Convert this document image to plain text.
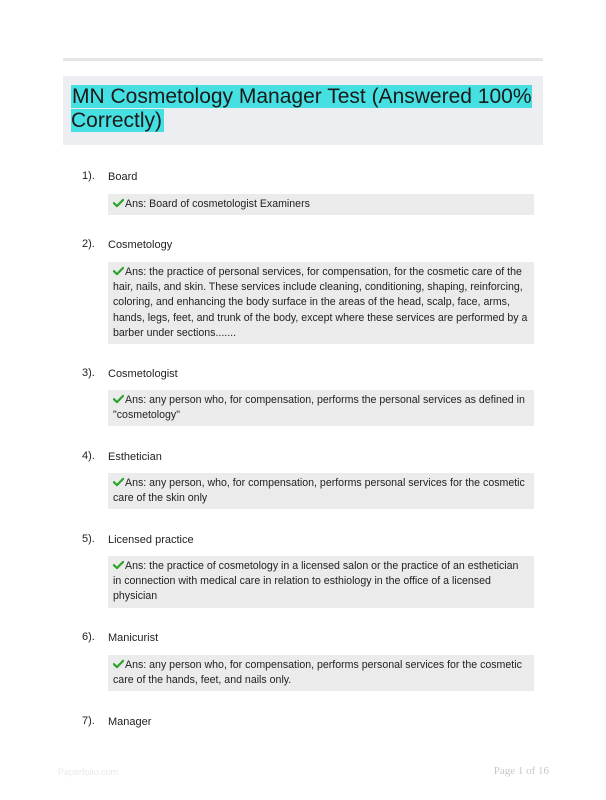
MN Cosmetology Manager Test (Answered 100% Correctly)
1). Board
Ans: Board of cosmetologist Examiners
2). Cosmetology
Ans: the practice of personal services, for compensation, for the cosmetic care of the hair, nails, and skin. These services include cleaning, conditioning, shaping, reinforcing, coloring, and enhancing the body surface in the areas of the head, scalp, face, arms, hands, legs, feet, and trunk of the body, except where these services are performed by a barber under sections.......
3). Cosmetologist
Ans: any person who, for compensation, performs the personal services as defined in "cosmetology"
4). Esthetician
Ans: any person, who, for compensation, performs personal services for the cosmetic care of the skin only
5). Licensed practice
Ans: the practice of cosmetology in a licensed salon or the practice of an esthetician in connection with medical care in relation to esthiology in the office of a licensed physician
6). Manicurist
Ans: any person who, for compensation, performs personal services for the cosmetic care of the hands, feet, and nails only.
7). Manager
Paperfolio.com	Page 1 of 16
